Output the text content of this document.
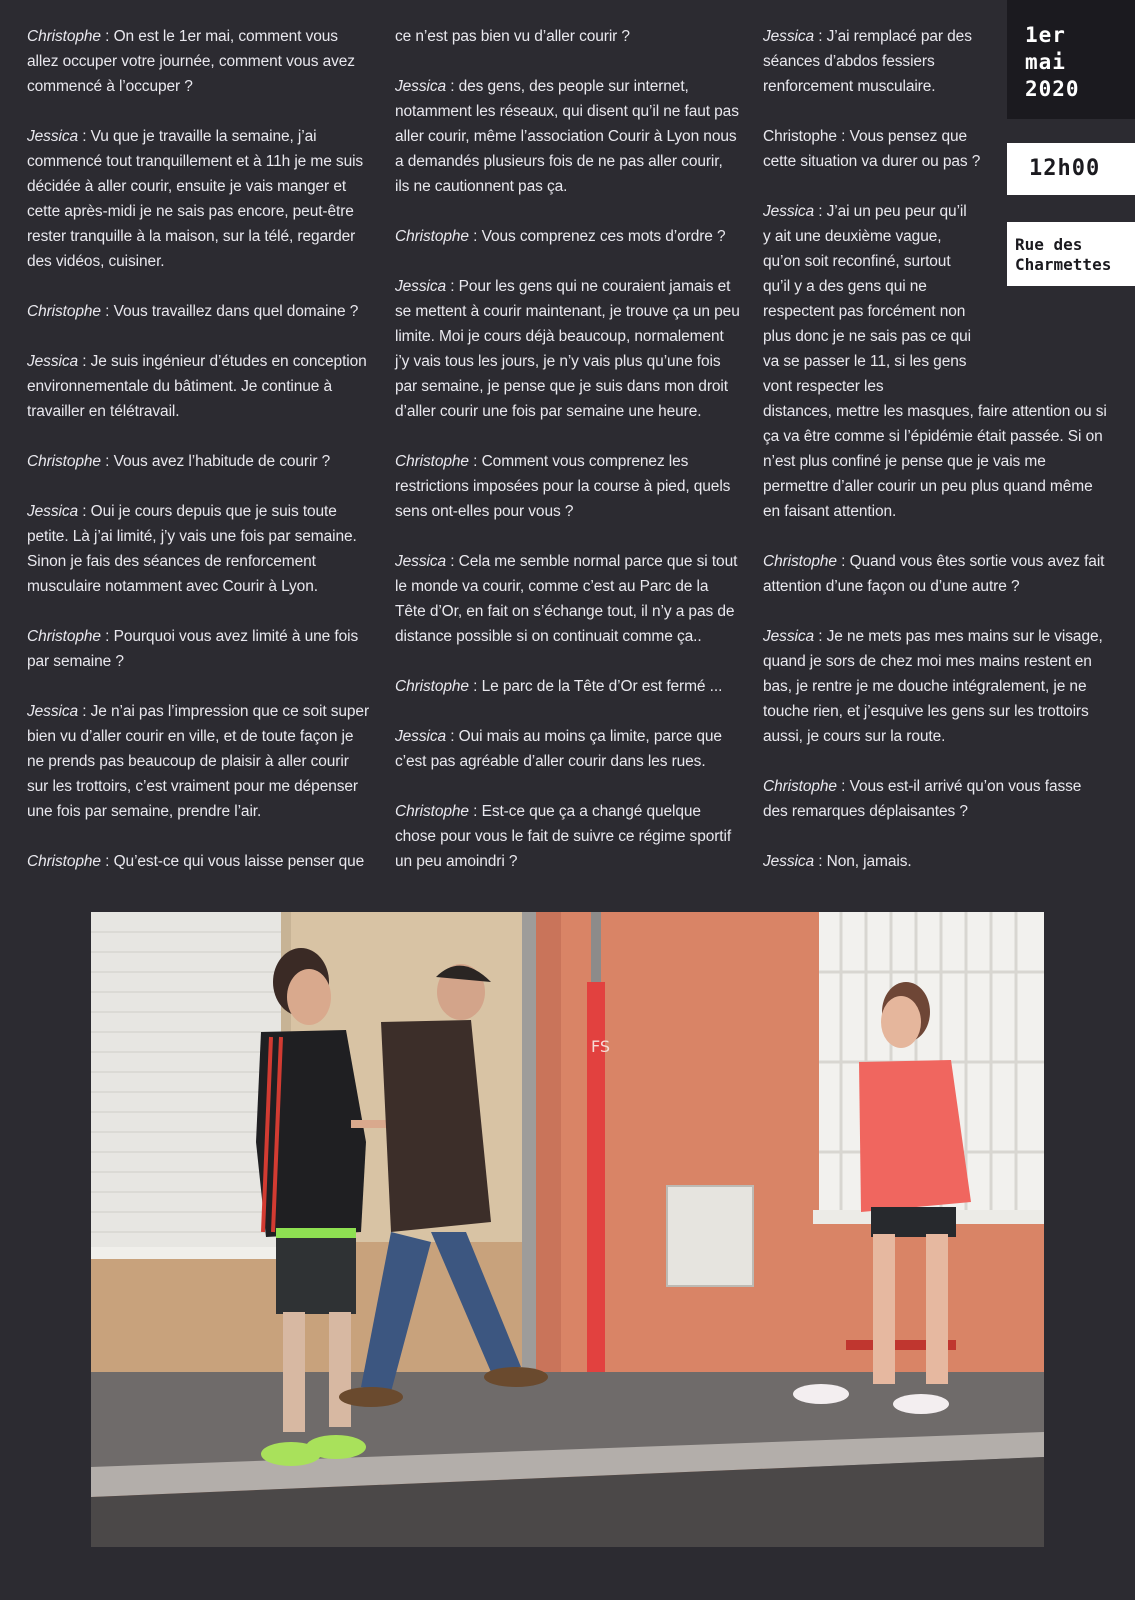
Christophe : On est le 1er mai, comment vous allez occuper votre journée, comment vous avez commencé à l’occuper ?

Jessica : Vu que je travaille la semaine, j’ai commencé tout tranquillement et à 11h je me suis décidée à aller courir, ensuite je vais manger et cette après-midi je ne sais pas encore, peut-être rester tranquille à la maison, sur la télé, regarder des vidéos, cuisiner.

Christophe : Vous travaillez dans quel domaine ?

Jessica : Je suis ingénieur d’études en conception environnementale du bâtiment. Je continue à travailler en télétravail.

Christophe : Vous avez l’habitude de courir ?

Jessica : Oui je cours depuis que je suis toute petite. Là j’ai limité, j’y vais une fois par semaine. Sinon je fais des séances de renforcement musculaire notamment avec Courir à Lyon.

Christophe : Pourquoi vous avez limité à une fois par semaine ?

Jessica : Je n’ai pas l’impression que ce soit super bien vu d’aller courir en ville, et de toute façon je ne prends pas beaucoup de plaisir à aller courir sur les trottoirs, c’est vraiment pour me dépenser une fois par semaine, prendre l’air.

Christophe : Qu’est-ce qui vous laisse penser que

ce n’est pas bien vu d’aller courir ?

Jessica : des gens, des people sur internet, notamment les réseaux, qui disent qu’il ne faut pas aller courir, même l’association Courir à Lyon nous a demandés plusieurs fois de ne pas aller courir, ils ne cautionnent pas ça.

Christophe : Vous comprenez ces mots d’ordre ?

Jessica : Pour les gens qui ne couraient jamais et se mettent à courir maintenant, je trouve ça un peu limite. Moi je cours déjà beaucoup, normalement j’y vais tous les jours, je n’y vais plus qu’une fois par semaine, je pense que je suis dans mon droit d’aller courir une fois par semaine une heure.

Christophe : Comment vous comprenez les restrictions imposées pour la course à pied, quels sens ont-elles pour vous ?

Jessica : Cela me semble normal parce que si tout le monde va courir, comme c’est au Parc de la Tête d’Or, en fait on s’échange tout, il n’y a pas de distance possible si on continuait comme ça..

Christophe : Le parc de la Tête d’Or est fermé ...

Jessica : Oui mais au moins ça limite, parce que c’est pas agréable d’aller courir dans les rues.

Christophe : Est-ce que ça a changé quelque chose pour vous le fait de suivre ce régime sportif un peu amoindri ?

Jessica : J’ai remplacé par des séances d’abdos fessiers renforcement musculaire.

Christophe : Vous pensez que cette situation va durer ou pas ?

Jessica : J’ai un peu peur qu’il y ait une deuxième vague, qu’on soit reconfiné, surtout qu’il y a des gens qui ne respectent pas forcément non plus donc je ne sais pas ce qui va se passer le 11, si les gens vont respecter les
distances, mettre les masques, faire attention ou si ça va être comme si l’épidémie était passée. Si on n’est plus confiné je pense que je vais me permettre d’aller courir un peu plus quand même en faisant attention.

Christophe : Quand vous êtes sortie vous avez fait attention d’une façon ou d’une autre ?

Jessica : Je ne mets pas mes mains sur le visage, quand je sors de chez moi mes mains restent en bas, je rentre je me douche intégralement, je ne touche rien, et j’esquive les gens sur les trottoirs aussi, je cours sur la route.

Christophe : Vous est-il arrivé qu’on vous fasse des remarques déplaisantes ?

Jessica : Non, jamais.

1er
mai
2020
12h00
Rue des
Charmettes
FS
